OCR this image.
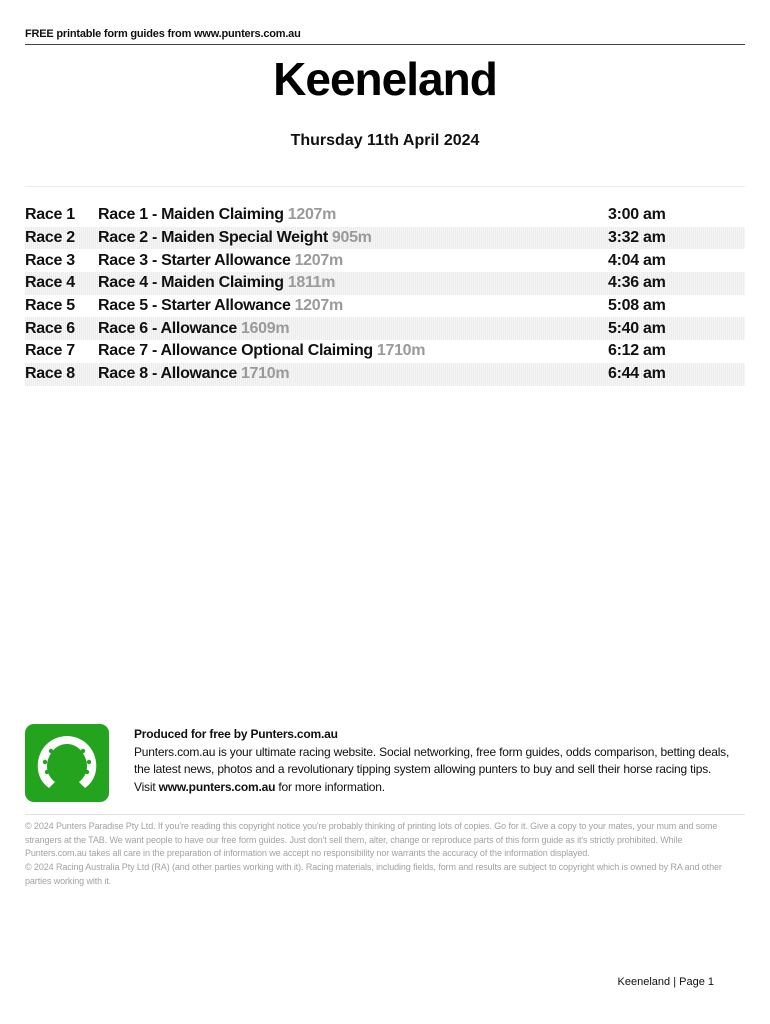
FREE printable form guides from www.punters.com.au
Keeneland
Thursday 11th April 2024
Race 1	Race 1 - Maiden Claiming 1207m	3:00 am
Race 2	Race 2 - Maiden Special Weight 905m	3:32 am
Race 3	Race 3 - Starter Allowance 1207m	4:04 am
Race 4	Race 4 - Maiden Claiming 1811m	4:36 am
Race 5	Race 5 - Starter Allowance 1207m	5:08 am
Race 6	Race 6 - Allowance 1609m	5:40 am
Race 7	Race 7 - Allowance Optional Claiming 1710m	6:12 am
Race 8	Race 8 - Allowance 1710m	6:44 am
Produced for free by Punters.com.au
Punters.com.au is your ultimate racing website. Social networking, free form guides, odds comparison, betting deals, the latest news, photos and a revolutionary tipping system allowing punters to buy and sell their horse racing tips.
Visit www.punters.com.au for more information.

© 2024 Punters Paradise Pty Ltd. If you're reading this copyright notice you're probably thinking of printing lots of copies. Go for it. Give a copy to your mates, your mum and some strangers at the TAB. We want people to have our free form guides. Just don't sell them, alter, change or reproduce parts of this form guide as it's strictly prohibited. While Punters.com.au takes all care in the preparation of information we accept no responsibility nor warrants the accuracy of the information displayed.

© 2024 Racing Australia Pty Ltd (RA) (and other parties working with it). Racing materials, including fields, form and results are subject to copyright which is owned by RA and other parties working with it.

Keeneland | Page 1
